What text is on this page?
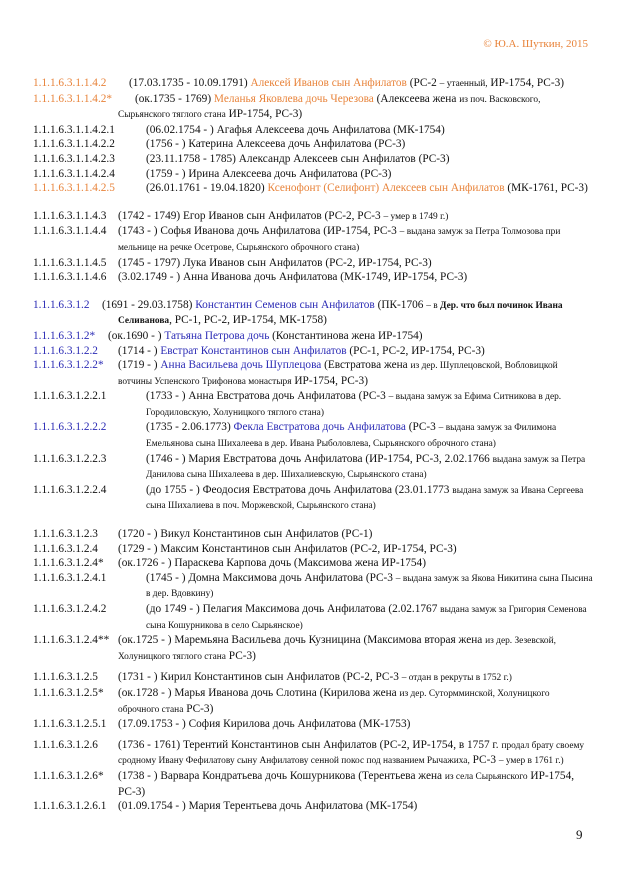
© Ю.А. Шуткин, 2015

1.1.1.6.3.1.1.4.2 (17.03.1735 - 10.09.1791) Алексей Иванов сын Анфилатов (РС-2 – утаенный, ИР-1754, РС-3)

1.1.1.6.3.1.1.4.2* (ок.1735 - 1769) Меланья Яковлева дочь Черезова (Алексеева жена из поч. Васковского, Сырьянского тяглого стана ИР-1754, РС-3)

1.1.1.6.3.1.1.4.2.1	(06.02.1754 - ) Агафья Алексеева дочь Анфилатова (МК-1754)

1.1.1.6.3.1.1.4.2.2	(1756 - ) Катерина Алексеева дочь Анфилатова (РС-3)

1.1.1.6.3.1.1.4.2.3	(23.11.1758 - 1785) Александр Алексеев сын Анфилатов (РС-3)

1.1.1.6.3.1.1.4.2.4	(1759 - ) Ирина Алексеева дочь Анфилатова (РС-3)

1.1.1.6.3.1.1.4.2.5	(26.01.1761 - 19.04.1820) Ксенофонт (Селифонт) Алексеев сын Анфилатов (МК-1761, РС-3)

1.1.1.6.3.1.1.4.3 (1742 - 1749) Егор Иванов сын Анфилатов (РС-2, РС-3 – умер в 1749 г.)

1.1.1.6.3.1.1.4.4 (1743 - ) Софья Иванова дочь Анфилатова (ИР-1754, РС-3 – выдана замуж за Петра Толмозова при мельнице на речке Осетрове, Сырьянского оброчного стана)

1.1.1.6.3.1.1.4.5 (1745 - 1797) Лука Иванов сын Анфилатов (РС-2, ИР-1754, РС-3)

1.1.1.6.3.1.1.4.6 (3.02.1749 - ) Анна Иванова дочь Анфилатова (МК-1749, ИР-1754, РС-3)

1.1.1.6.3.1.2 (1691 - 29.03.1758) Константин Семенов сын Анфилатов (ПК-1706 – в Дер. что был починок Ивана Селиванова, РС-1, РС-2, ИР-1754, МК-1758)

1.1.1.6.3.1.2* (ок.1690 - ) Татьяна Петрова дочь (Константинова жена ИР-1754)

1.1.1.6.3.1.2.2 (1714 - ) Евстрат Константинов сын Анфилатов (РС-1, РС-2, ИР-1754, РС-3)

1.1.1.6.3.1.2.2* (1719 - ) Анна Васильева дочь Шуплецова (Евстратова жена из дер. Шуплецовской, Вобловицкой вотчины Успенского Трифонова монастыря ИР-1754, РС-3)

1.1.1.6.3.1.2.2.1	(1733 - ) Анна Евстратова дочь Анфилатова (РС-3 – выдана замуж за Ефима Ситникова в дер. Городиловскую, Холуницкого тяглого стана)

1.1.1.6.3.1.2.2.2	(1735 - 2.06.1773) Фекла Евстратова дочь Анфилатова (РС-3 – выдана замуж за Филимона Емельянова сына Шихалеева в дер. Ивана Рыболовлева, Сырьянского оброчного стана)

1.1.1.6.3.1.2.2.3	(1746 - ) Мария Евстратова дочь Анфилатова (ИР-1754, РС-3, 2.02.1766 выдана замуж за Петра Данилова сына Шихалеева в дер. Шихалиевскую, Сырьянского стана)

1.1.1.6.3.1.2.2.4	(до 1755 - ) Феодосия Евстратова дочь Анфилатова (23.01.1773 выдана замуж за Ивана Сергеева сына Шихалиева в поч. Моржевской, Сырьянского стана)

1.1.1.6.3.1.2.3 (1720 - ) Викул Константинов сын Анфилатов (РС-1)

1.1.1.6.3.1.2.4 (1729 - ) Максим Константинов сын Анфилатов (РС-2, ИР-1754, РС-3)

1.1.1.6.3.1.2.4* (ок.1726 - ) Параскева Карпова дочь (Максимова жена ИР-1754)

1.1.1.6.3.1.2.4.1	(1745 - ) Домна Максимова дочь Анфилатова (РС-3 – выдана замуж за Якова Никитина сына Пысина в дер. Вдовкину)

1.1.1.6.3.1.2.4.2	(до 1749 - ) Пелагия Максимова дочь Анфилатова (2.02.1767 выдана замуж за Григория Семенова сына Кошурникова в село Сырьянское)

1.1.1.6.3.1.2.4** (ок.1725 - ) Маремьяна Васильева дочь Кузницина (Максимова вторая жена из дер. Зезевской, Холуницкого тяглого стана РС-3)

1.1.1.6.3.1.2.5 (1731 - ) Кирил Константинов сын Анфилатов (РС-2, РС-3 – отдан в рекруты в 1752 г.)

1.1.1.6.3.1.2.5* (ок.1728 - ) Марья Иванова дочь Слотина (Кирилова жена из дер. Сутормминской, Холуницкого оброчного стана РС-3)

1.1.1.6.3.1.2.5.1 (17.09.1753 - ) София Кирилова дочь Анфилатова (МК-1753)

1.1.1.6.3.1.2.6 (1736 - 1761) Терентий Константинов сын Анфилатов (РС-2, ИР-1754, в 1757 г. продал брату своему сродному Ивану Фефилатову сыну Анфилатову сенной покос под названием Рычажиха, РС-3 – умер в 1761 г.)

1.1.1.6.3.1.2.6* (1738 - ) Варвара Кондратьева дочь Кошурникова (Терентьева жена из села Сырьянского ИР-1754, РС-3)

1.1.1.6.3.1.2.6.1 (01.09.1754 - ) Мария Терентьева дочь Анфилатова (МК-1754)

9
